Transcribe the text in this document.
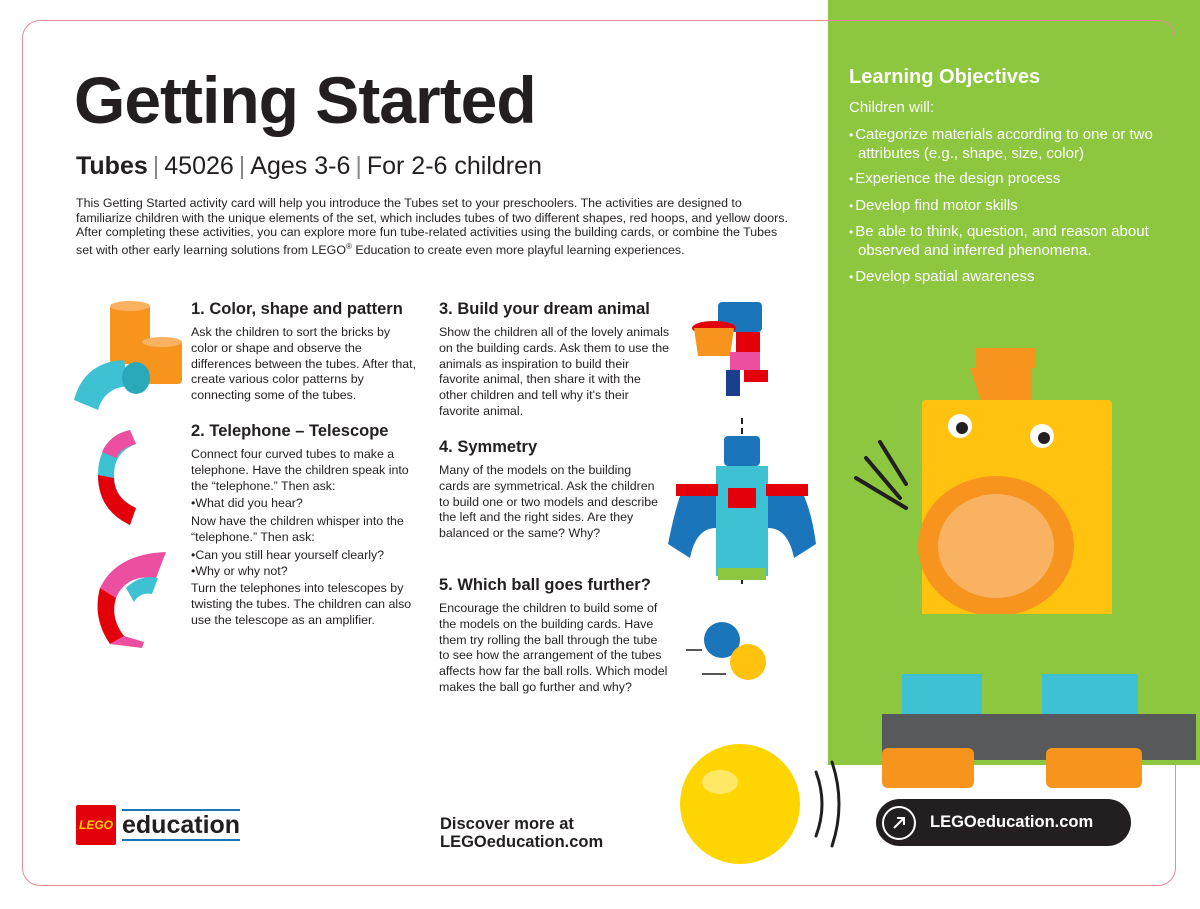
Getting Started

Tubes | 45026 | Ages 3-6 | For 2-6 children

This Getting Started activity card will help you introduce the Tubes set to your preschoolers. The activities are designed to familiarize children with the unique elements of the set, which includes tubes of two different shapes, red hoops, and yellow doors. After completing these activities, you can explore more fun tube-related activities using the building cards, or combine the Tubes set with other early learning solutions from LEGO® Education to create even more playful learning experiences.

1. Color, shape and pattern

Ask the children to sort the bricks by color or shape and observe the differences between the tubes. After that, create various color patterns by connecting some of the tubes.

2. Telephone – Telescope

Connect four curved tubes to make a telephone. Have the children speak into the “telephone.” Then ask:

• What did you hear?

Now have the children whisper into the “telephone.” Then ask:

• Can you still hear yourself clearly?
• Why or why not?

Turn the telephones into telescopes by twisting the tubes. The children can also use the telescope as an amplifier.

3. Build your dream animal

Show the children all of the lovely animals on the building cards. Ask them to use the animals as inspiration to build their favorite animal, then share it with the other children and tell why it's their favorite animal.

4. Symmetry

Many of the models on the building cards are symmetrical. Ask the children to build one or two models and describe the left and the right sides. Are they balanced or the same? Why?

5. Which ball goes further?

Encourage the children to build some of the models on the building cards. Have them try rolling the ball through the tube to see how the arrangement of the tubes affects how far the ball rolls. Which model makes the ball go further and why?

Learning Objectives

Children will:

• Categorize materials according to one or two attributes (e.g., shape, size, color)
• Experience the design process
• Develop find motor skills
• Be able to think, question, and reason about observed and inferred phenomena.
• Develop spatial awareness
LEGO education	Discover more at
LEGOeducation.com
LEGOeducation.com
